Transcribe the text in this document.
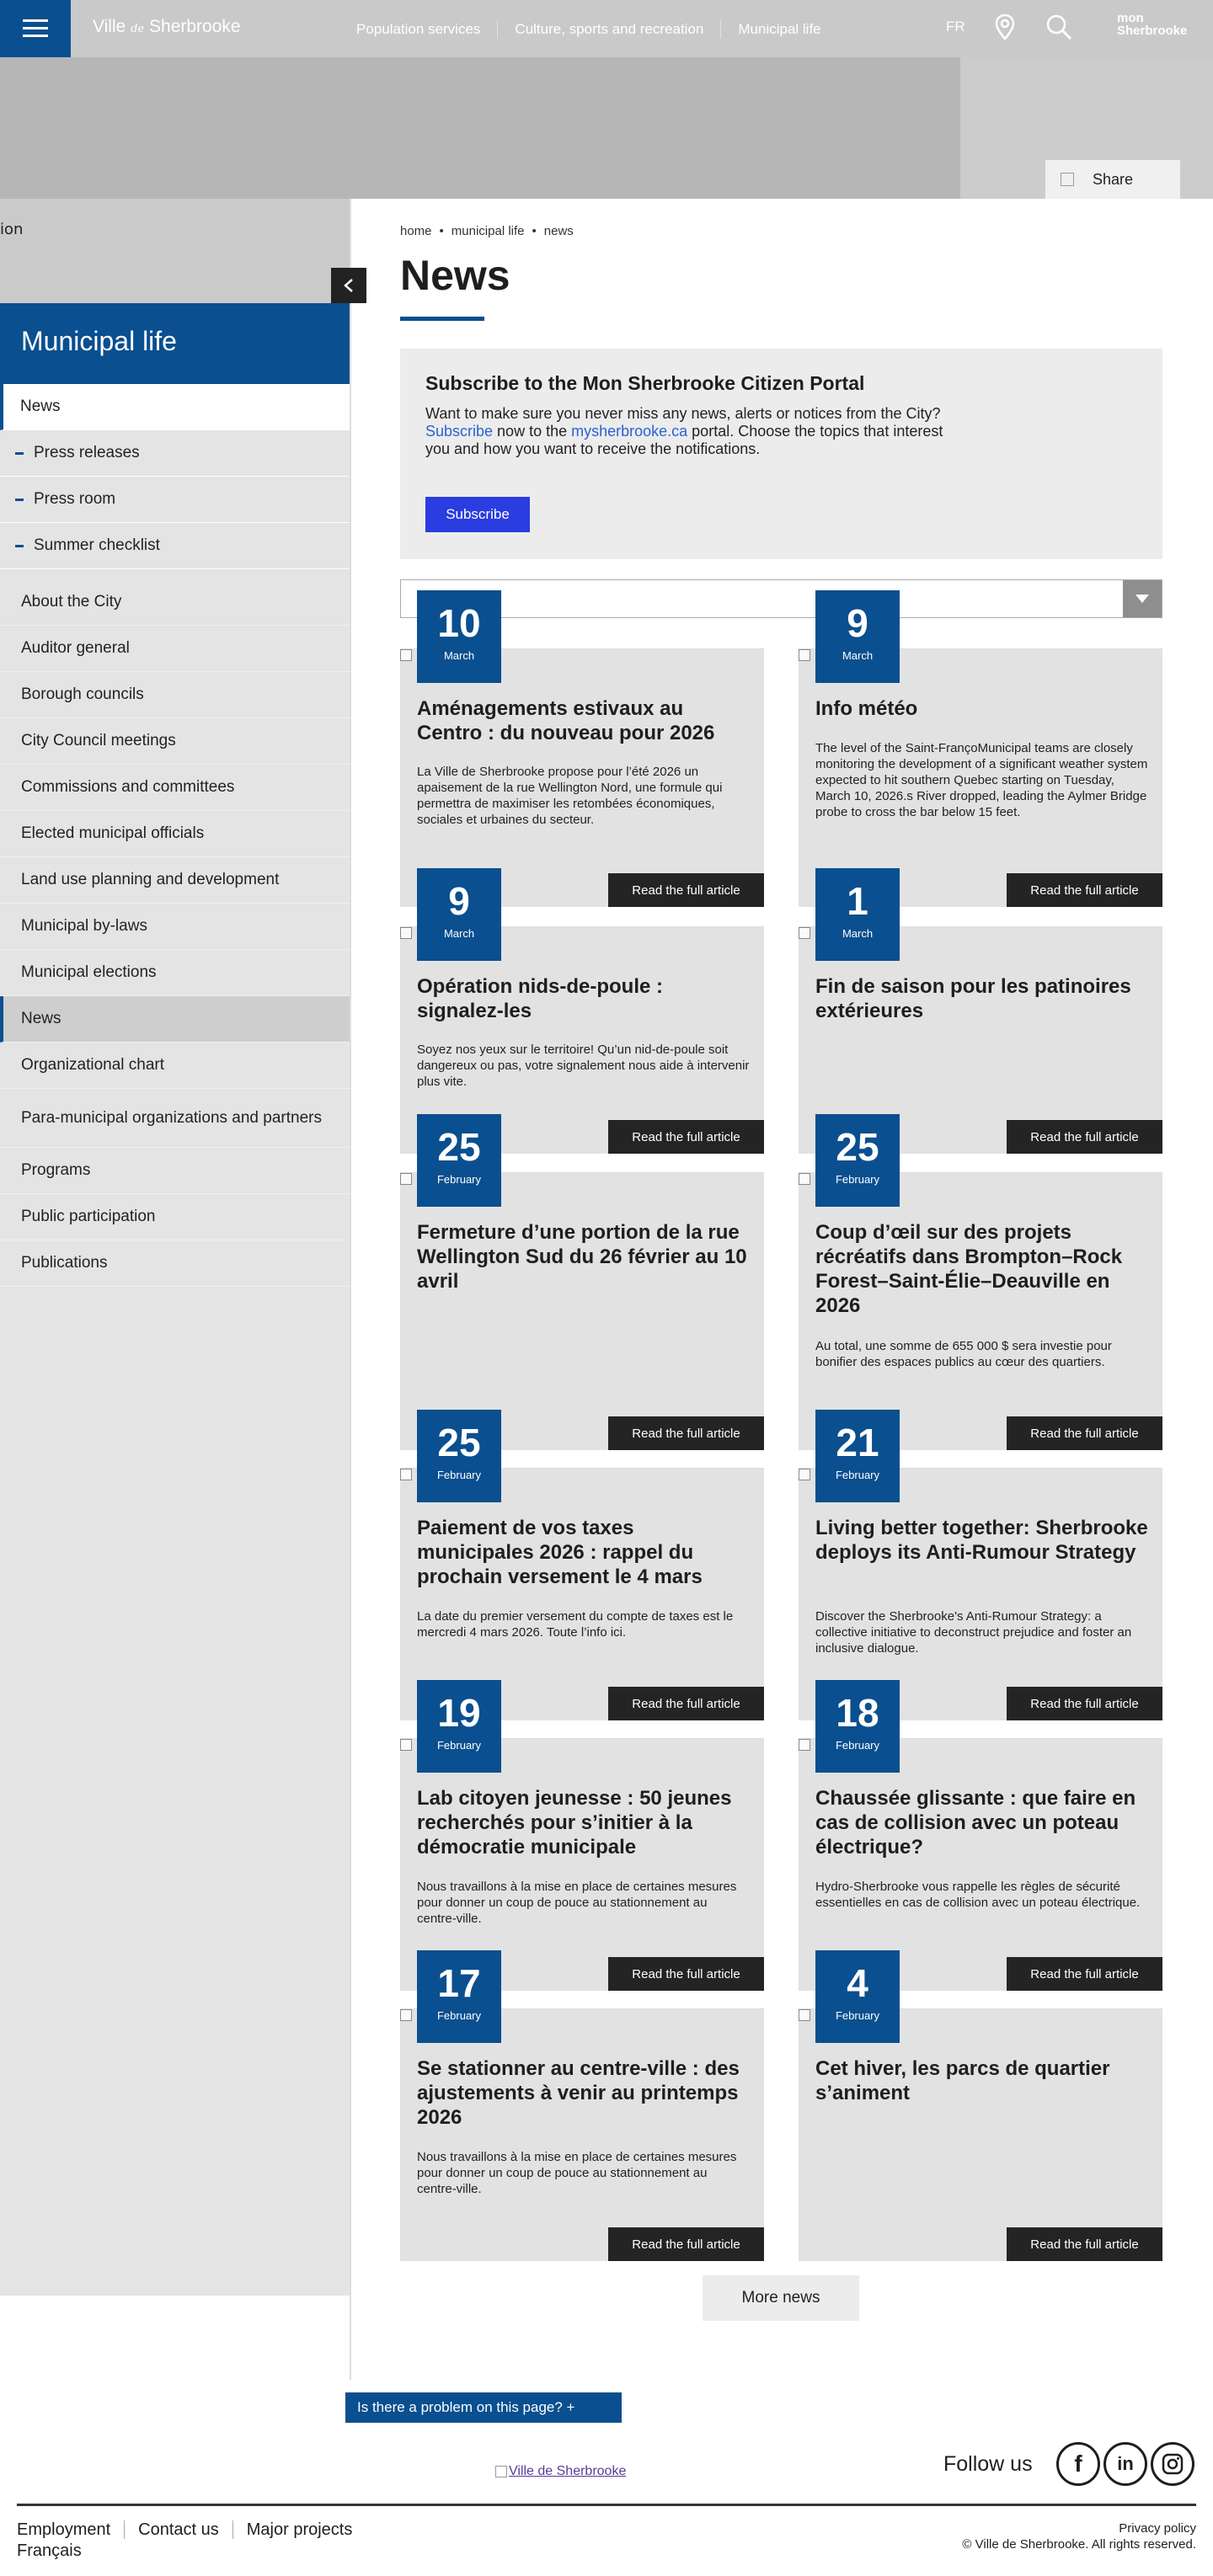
Ville de Sherbrooke	Population services	Culture, sports and recreation	Municipal life	FR
mon
Sherbrooke
Share
ion
Municipal life
News
Press releases
Press room
Summer checklist
About the City
Auditor general
Borough councils
City Council meetings
Commissions and committees
Elected municipal officials
Land use planning and development
Municipal by-laws
Municipal elections
News
Organizational chart
Para-municipal organizations and partners
Programs
Public participation
Publications
home • municipal life • news
News
Subscribe to the Mon Sherbrooke Citizen Portal

Want to make sure you never miss any news, alerts or notices from the City? Subscribe now to the mysherbrooke.ca portal. Choose the topics that interest you and how you want to receive the notifications.

Subscribe
10
March
Aménagements estivaux au Centro : du nouveau pour 2026

La Ville de Sherbrooke propose pour l’été 2026 un apaisement de la rue Wellington Nord, une formule qui permettra de maximiser les retombées économiques, sociales et urbaines du secteur.

Read the full article
9
March
Info météo

The level of the Saint-FrançoMunicipal teams are closely monitoring the development of a significant weather system expected to hit southern Quebec starting on Tuesday, March 10, 2026.s River dropped, leading the Aylmer Bridge probe to cross the bar below 15 feet.

Read the full article
9
March
Opération nids-de-poule : signalez-les

Soyez nos yeux sur le territoire! Qu’un nid-de-poule soit dangereux ou pas, votre signalement nous aide à intervenir plus vite.

Read the full article
1
March
Fin de saison pour les patinoires extérieures

Read the full article
25
February
Fermeture d’une portion de la rue Wellington Sud du 26 février au 10 avril

Read the full article
25
February
Coup d’œil sur des projets récréatifs dans Brompton–Rock Forest–Saint-Élie–Deauville en 2026

Au total, une somme de 655 000 $ sera investie pour bonifier des espaces publics au cœur des quartiers.

Read the full article
25
February
Paiement de vos taxes municipales 2026 : rappel du prochain versement le 4 mars

La date du premier versement du compte de taxes est le mercredi 4 mars 2026. Toute l’info ici.

Read the full article
21
February
Living better together: Sherbrooke deploys its Anti-Rumour Strategy

Discover the Sherbrooke's Anti-Rumour Strategy: a collective initiative to deconstruct prejudice and foster an inclusive dialogue.

Read the full article
19
February
Lab citoyen jeunesse : 50 jeunes recherchés pour s’initier à la démocratie municipale

Nous travaillons à la mise en place de certaines mesures pour donner un coup de pouce au stationnement au centre-ville.

Read the full article
18
February
Chaussée glissante : que faire en cas de collision avec un poteau électrique?

Hydro-Sherbrooke vous rappelle les règles de sécurité essentielles en cas de collision avec un poteau électrique.

Read the full article
17
February
Se stationner au centre-ville : des ajustements à venir au printemps 2026

Nous travaillons à la mise en place de certaines mesures pour donner un coup de pouce au stationnement au centre-ville.

Read the full article
4
February
Cet hiver, les parcs de quartier s’animent

Read the full article
More news
Is there a problem on this page? +
Ville de Sherbrooke	Follow us	f	in
Employment	Contact us	Major projects
Français
Privacy policy
© Ville de Sherbrooke. All rights reserved.
